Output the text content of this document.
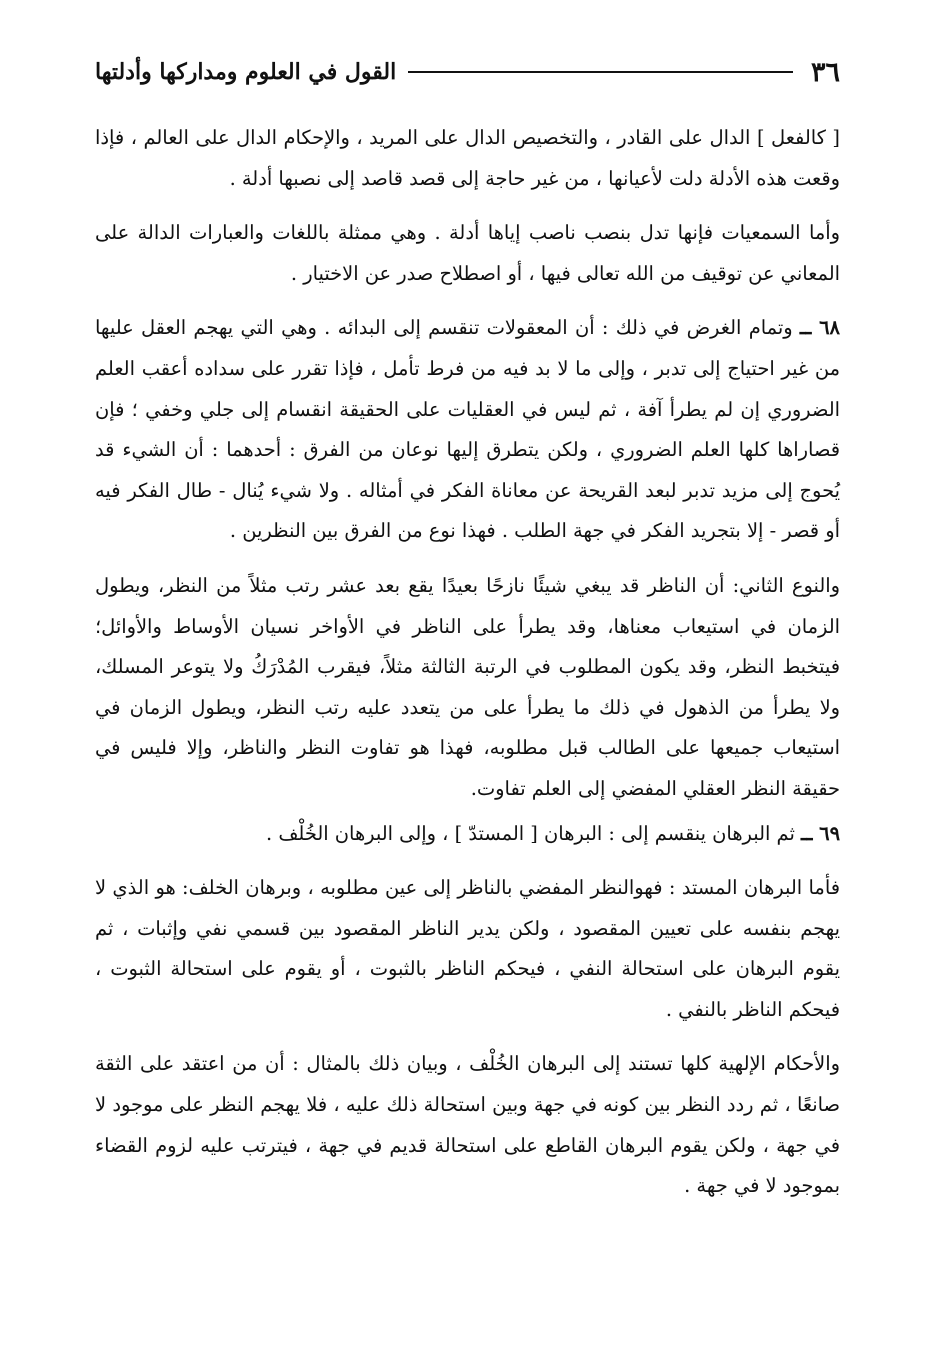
٣٦
القول في العلوم ومداركها وأدلتها

[ كالفعل ] الدال على القادر ، والتخصيص الدال على المريد ، والإحكام الدال على العالم ، فإذا وقعت هذه الأدلة دلت لأعيانها ، من غير حاجة إلى قصد قاصد إلى نصبها أدلة .

وأما السمعيات فإنها تدل بنصب ناصب إياها أدلة . وهي ممثلة باللغات والعبارات الدالة على المعاني عن توقيف من الله تعالى فيها ، أو اصطلاح صدر عن الاختيار .

٦٨ ــ وتمام الغرض في ذلك : أن المعقولات تنقسم إلى البدائه . وهي التي يهجم العقل عليها من غير احتياج إلى تدبر ، وإلى ما لا بد فيه من فرط تأمل ، فإذا تقرر على سداده أعقب العلم الضروري إن لم يطرأ آفة ، ثم ليس في العقليات على الحقيقة انقسام إلى جلي وخفي ؛ فإن قصاراها كلها العلم الضروري ، ولكن يتطرق إليها نوعان من الفرق : أحدهما : أن الشيء قد يُحوج إلى مزيد تدبر لبعد القريحة عن معاناة الفكر في أمثاله . ولا شيء يُنال - طال الفكر فيه أو قصر - إلا بتجريد الفكر في جهة الطلب . فهذا نوع من الفرق بين النظرين .

والنوع الثاني: أن الناظر قد يبغي شيئًا نازحًا بعيدًا يقع بعد عشر رتب مثلاً من النظر، ويطول الزمان في استيعاب معناها، وقد يطرأ على الناظر في الأواخر نسيان الأوساط والأوائل؛ فيتخبط النظر، وقد يكون المطلوب في الرتبة الثالثة مثلاً، فيقرب المُدْرَكُ ولا يتوعر المسلك، ولا يطرأ من الذهول في ذلك ما يطرأ على من يتعدد عليه رتب النظر، ويطول الزمان في استيعاب جميعها على الطالب قبل مطلوبه، فهذا هو تفاوت النظر والناظر، وإلا فليس في حقيقة النظر العقلي المفضي إلى العلم تفاوت.

٦٩ ــ ثم البرهان ينقسم إلى : البرهان [ المستدّ ] ، وإلى البرهان الخُلْف .

فأما البرهان المستد : فهوالنظر المفضي بالناظر إلى عين مطلوبه ، وبرهان الخلف: هو الذي لا يهجم بنفسه على تعيين المقصود ، ولكن يدير الناظر المقصود بين قسمي نفي وإثبات ، ثم يقوم البرهان على استحالة النفي ، فيحكم الناظر بالثبوت ، أو يقوم على استحالة الثبوت ، فيحكم الناظر بالنفي .

والأحكام الإلهية كلها تستند إلى البرهان الخُلْف ، وبيان ذلك بالمثال : أن من اعتقد على الثقة صانعًا ، ثم ردد النظر بين كونه في جهة وبين استحالة ذلك عليه ، فلا يهجم النظر على موجود لا في جهة ، ولكن يقوم البرهان القاطع على استحالة قديم في جهة ، فيترتب عليه لزوم القضاء بموجود لا في جهة .
